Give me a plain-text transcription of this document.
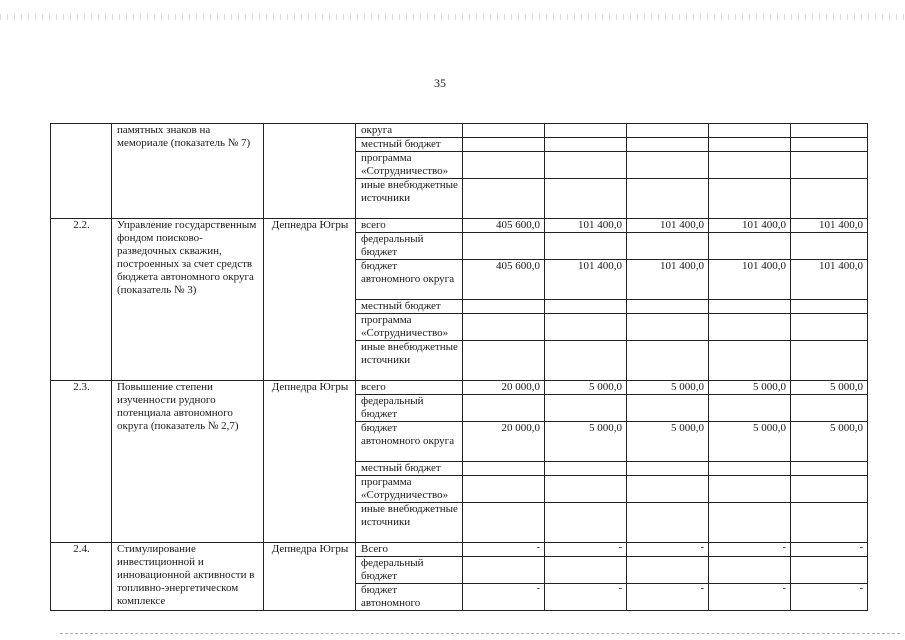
35
	памятных знаков на мемориале (показатель № 7)		округа					
			местный бюджет					
			программа «Сотрудничество»					
			иные внебюджетные источники					
2.2.	Управление государственным фондом поисково-разведочных скважин, построенных за счет средств бюджета автономного округа (показатель № 3)	Депнедра Югры	всего	405 600,0	101 400,0	101 400,0	101 400,0	101 400,0
			федеральный бюджет					
			бюджет автономного округа	405 600,0	101 400,0	101 400,0	101 400,0	101 400,0
			местный бюджет					
			программа «Сотрудничество»					
			иные внебюджетные источники					
2.3.	Повышение степени изученности рудного потенциала автономного округа (показатель № 2,7)	Депнедра Югры	всего	20 000,0	5 000,0	5 000,0	5 000,0	5 000,0
			федеральный бюджет					
			бюджет автономного округа	20 000,0	5 000,0	5 000,0	5 000,0	5 000,0
			местный бюджет					
			программа «Сотрудничество»					
			иные внебюджетные источники					
2.4.	Стимулирование инвестиционной и инновационной активности в топливно-энергетическом комплексе	Депнедра Югры	Всего	-	-	-	-	-
			федеральный бюджет					
			бюджет автономного	-	-	-	-	-
